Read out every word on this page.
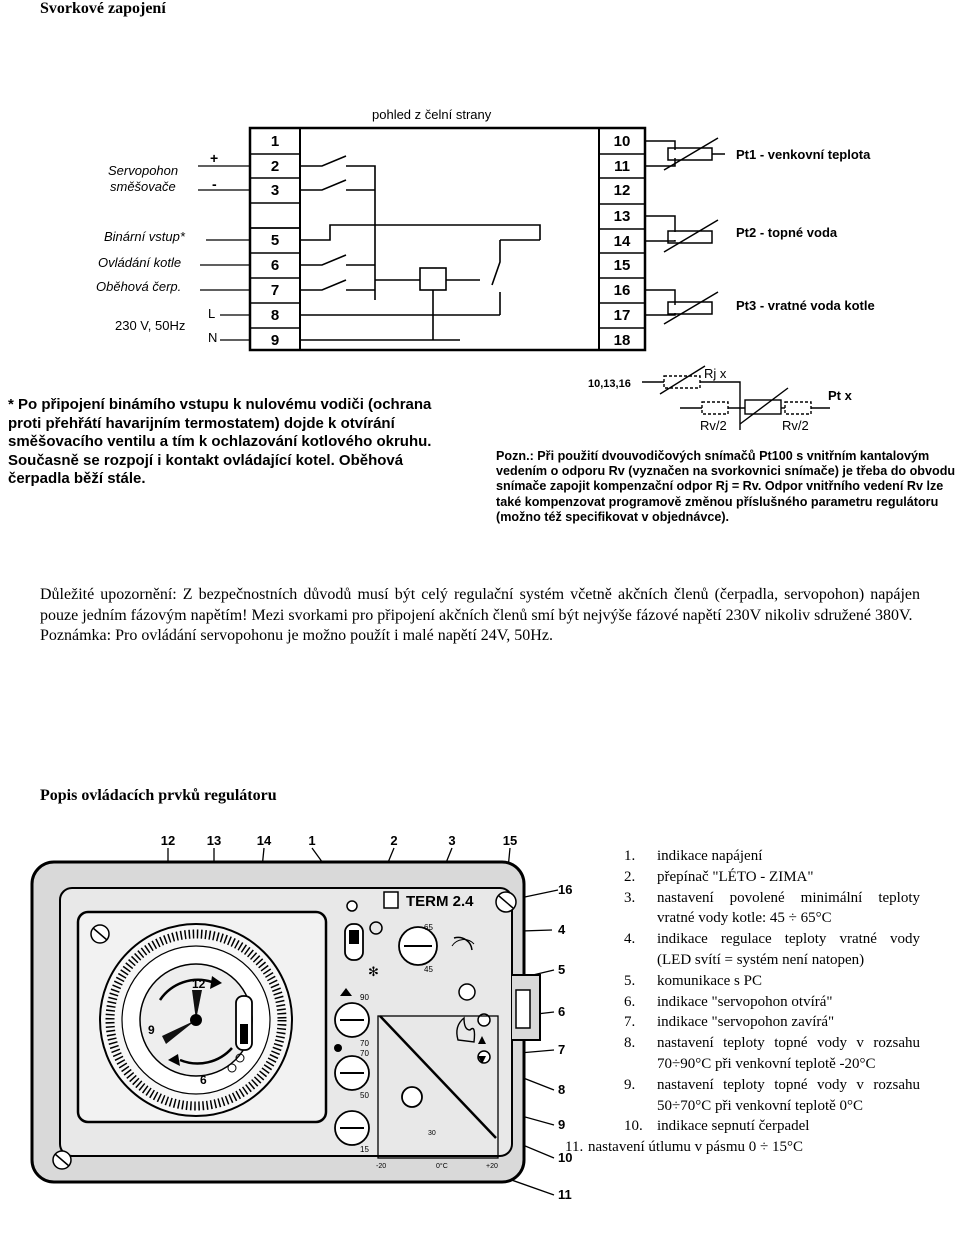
Svorkové zapojení
pohled z čelní strany
1
2
3
5
6
7
8
9
10
11
12
13
14
15
16
17
18
Servopohon
směšovače
Binární vstup*
Ovládání kotle
Oběhová čerp.
+
-
230 V, 50Hz
L
N
Pt1 - venkovní teplota
Pt2 - topné voda
Pt3 - vratné voda kotle
10,13,16
Rj x
Pt x
Rv/2	Rv/2
* Po připojení binámího vstupu k nulovému vodiči (ochrana proti přehřátí havarijním termostatem) dojde k otvírání směšovacího ventilu a tím k ochlazování kotlového okruhu. Současně se rozpojí i kontakt ovládající kotel. Oběhová čerpadla běží stále.
Pozn.: Při použití dvouvodičových snímačů Pt100 s vnitřním kantalovým vedením o odporu Rv (vyznačen na svorkovnici snímače) je třeba do obvodu snímače zapojit kompenzační odpor Rj = Rv. Odpor vnitřního vedení Rv lze také kompenzovat programově změnou příslušného parametru regulátoru (možno též specifikovat v objednávce).

Důležité upozornění: Z bezpečnostních důvodů musí být celý regulační systém včetně akčních členů (čerpadla, servopohon) napájen pouze jedním fázovým napětím! Mezi svorkami pro připojení akčních členů smí být nejvýše fázové napětí 230V nikoliv sdružené 380V.

Poznámka: Pro ovládání servopohonu je možno použít i malé napětí 24V, 50Hz.

Popis ovládacích prvků regulátoru
12 13	14	1	2	3	15
16
4
5
6
7
8
9
10
11
12
9
6
TERM 2.4
✻
65
45
90
70
70
50
15
30
-20	0°C	+20
1. indikace napájení
2. přepínač "LÉTO - ZIMA"
3. nastavení povolené minimální teploty vratné vody kotle: 45 ÷ 65°C
4. indikace regulace teploty vratné vody (LED svítí = systém není natopen)
5. komunikace s PC
6. indikace "servopohon otvírá"
7. indikace "servopohon zavírá"
8. nastavení teploty topné vody v rozsahu 70÷90°C při venkovní teplotě -20°C
9. nastavení teploty topné vody v rozsahu 50÷70°C při venkovní teplotě 0°C
10. indikace sepnutí čerpadel
11. nastavení útlumu v pásmu 0 ÷ 15°C
